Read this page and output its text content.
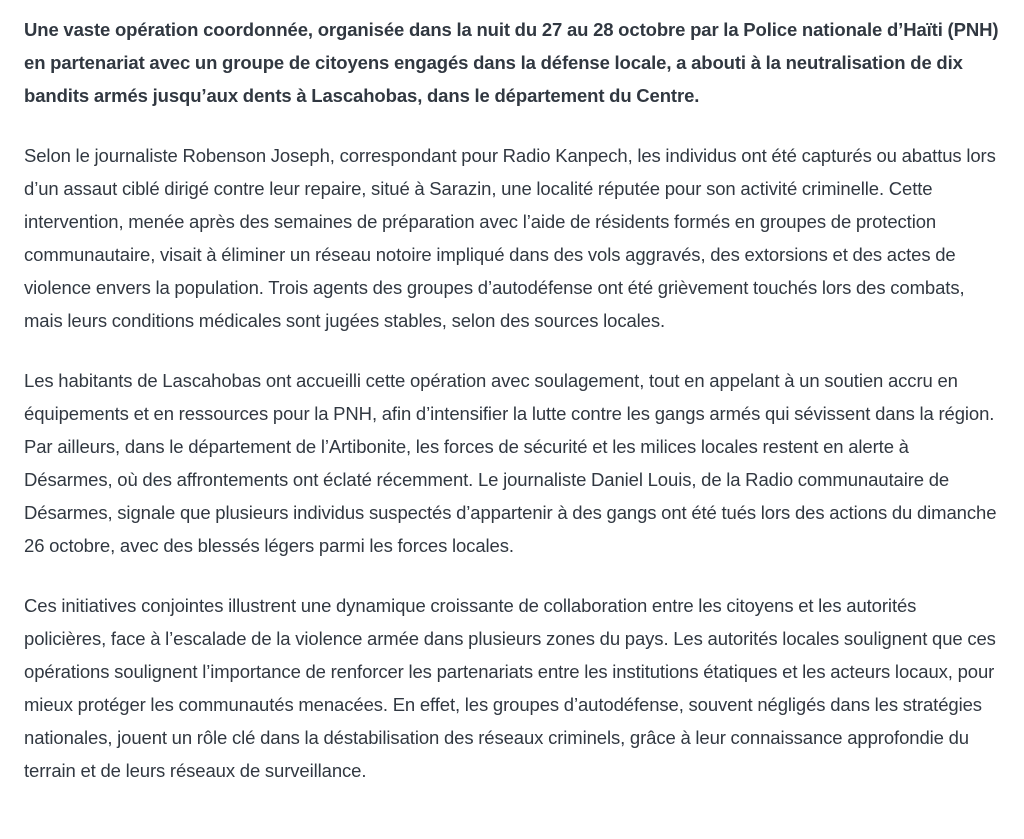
Une vaste opération coordonnée, organisée dans la nuit du 27 au 28 octobre par la Police nationale d’Haïti (PNH) en partenariat avec un groupe de citoyens engagés dans la défense locale, a abouti à la neutralisation de dix bandits armés jusqu’aux dents à Lascahobas, dans le département du Centre.

Selon le journaliste Robenson Joseph, correspondant pour Radio Kanpech, les individus ont été capturés ou abattus lors d’un assaut ciblé dirigé contre leur repaire, situé à Sarazin, une localité réputée pour son activité criminelle. Cette intervention, menée après des semaines de préparation avec l’aide de résidents formés en groupes de protection communautaire, visait à éliminer un réseau notoire impliqué dans des vols aggravés, des extorsions et des actes de violence envers la population. Trois agents des groupes d’autodéfense ont été grièvement touchés lors des combats, mais leurs conditions médicales sont jugées stables, selon des sources locales.

Les habitants de Lascahobas ont accueilli cette opération avec soulagement, tout en appelant à un soutien accru en équipements et en ressources pour la PNH, afin d’intensifier la lutte contre les gangs armés qui sévissent dans la région. Par ailleurs, dans le département de l’Artibonite, les forces de sécurité et les milices locales restent en alerte à Désarmes, où des affrontements ont éclaté récemment. Le journaliste Daniel Louis, de la Radio communautaire de Désarmes, signale que plusieurs individus suspectés d’appartenir à des gangs ont été tués lors des actions du dimanche 26 octobre, avec des blessés légers parmi les forces locales.

Ces initiatives conjointes illustrent une dynamique croissante de collaboration entre les citoyens et les autorités policières, face à l’escalade de la violence armée dans plusieurs zones du pays. Les autorités locales soulignent que ces opérations soulignent l’importance de renforcer les partenariats entre les institutions étatiques et les acteurs locaux, pour mieux protéger les communautés menacées. En effet, les groupes d’autodéfense, souvent négligés dans les stratégies nationales, jouent un rôle clé dans la déstabilisation des réseaux criminels, grâce à leur connaissance approfondie du terrain et de leurs réseaux de surveillance.
